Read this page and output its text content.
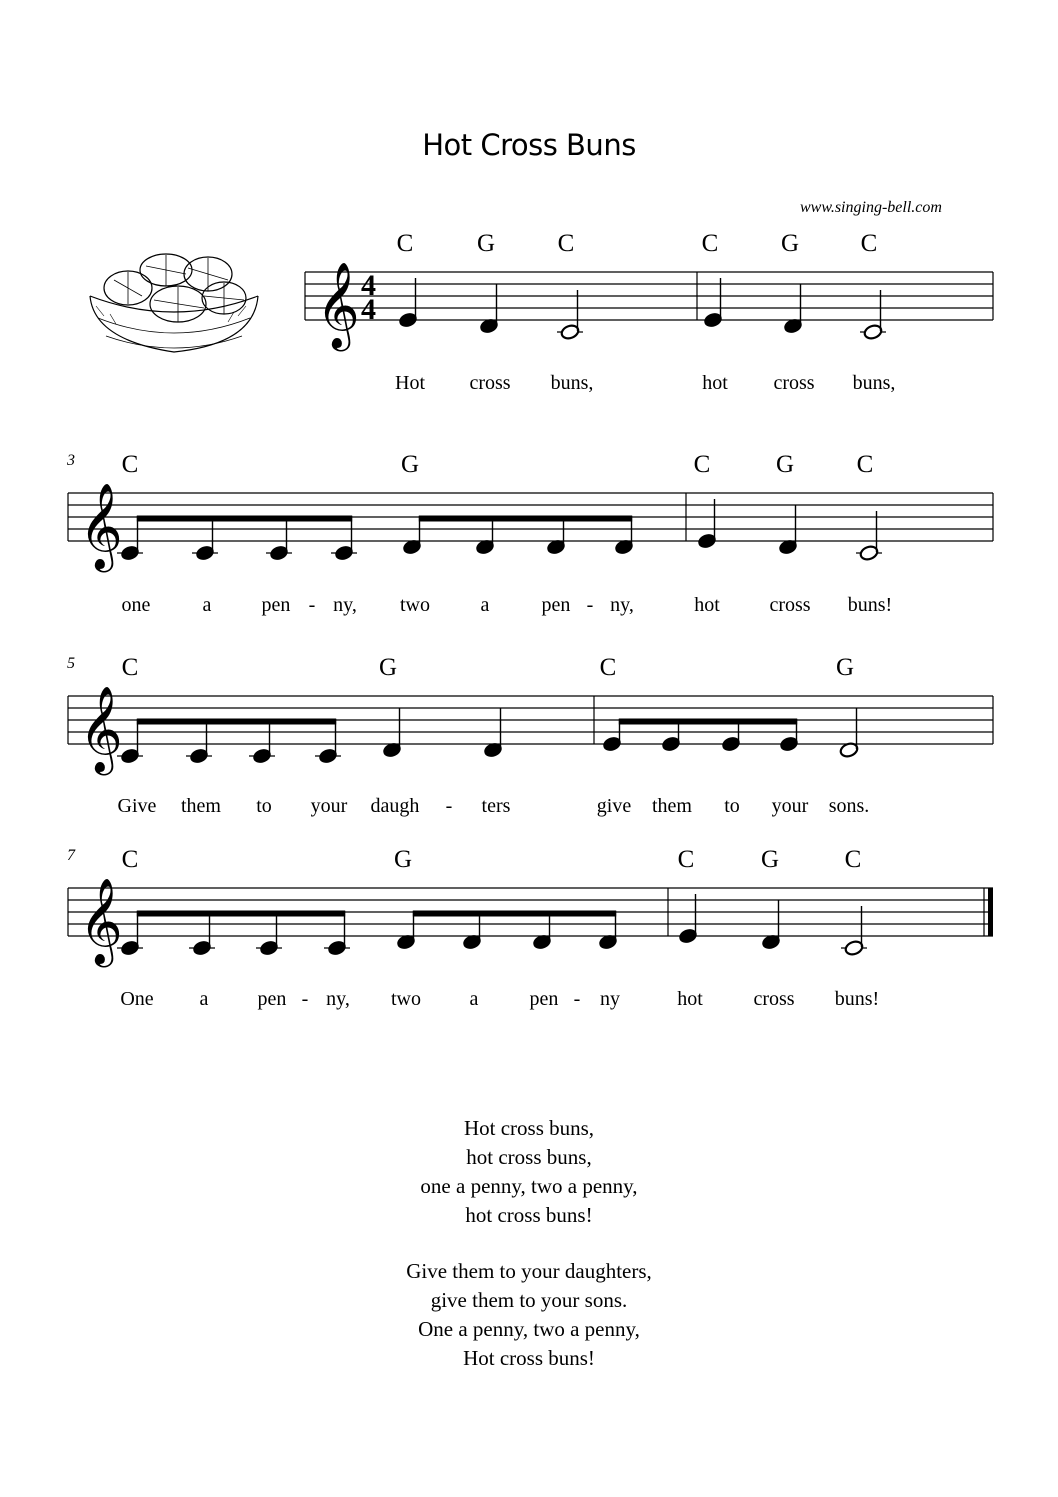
Hot Cross Buns
www.singing-bell.com
𝄞 4
4
𝄞
𝄞
𝄞
C	G	C	C	G C
Hot cross buns,	hot cross buns,
3 C	G	C	G	C
one	a	pen - ny, two	a	pen - ny,	hot cross buns!
5 C	G	C	G
Give them to your daugh - ters	give them to your sons.
7 C	G	C	G	C
One a pen - ny, two a	pen - ny	hot	cross buns!
Hot cross buns,
hot cross buns,
one a penny, two a penny,
hot cross buns!
Give them to your daughters,
give them to your sons.
One a penny, two a penny,
Hot cross buns!
